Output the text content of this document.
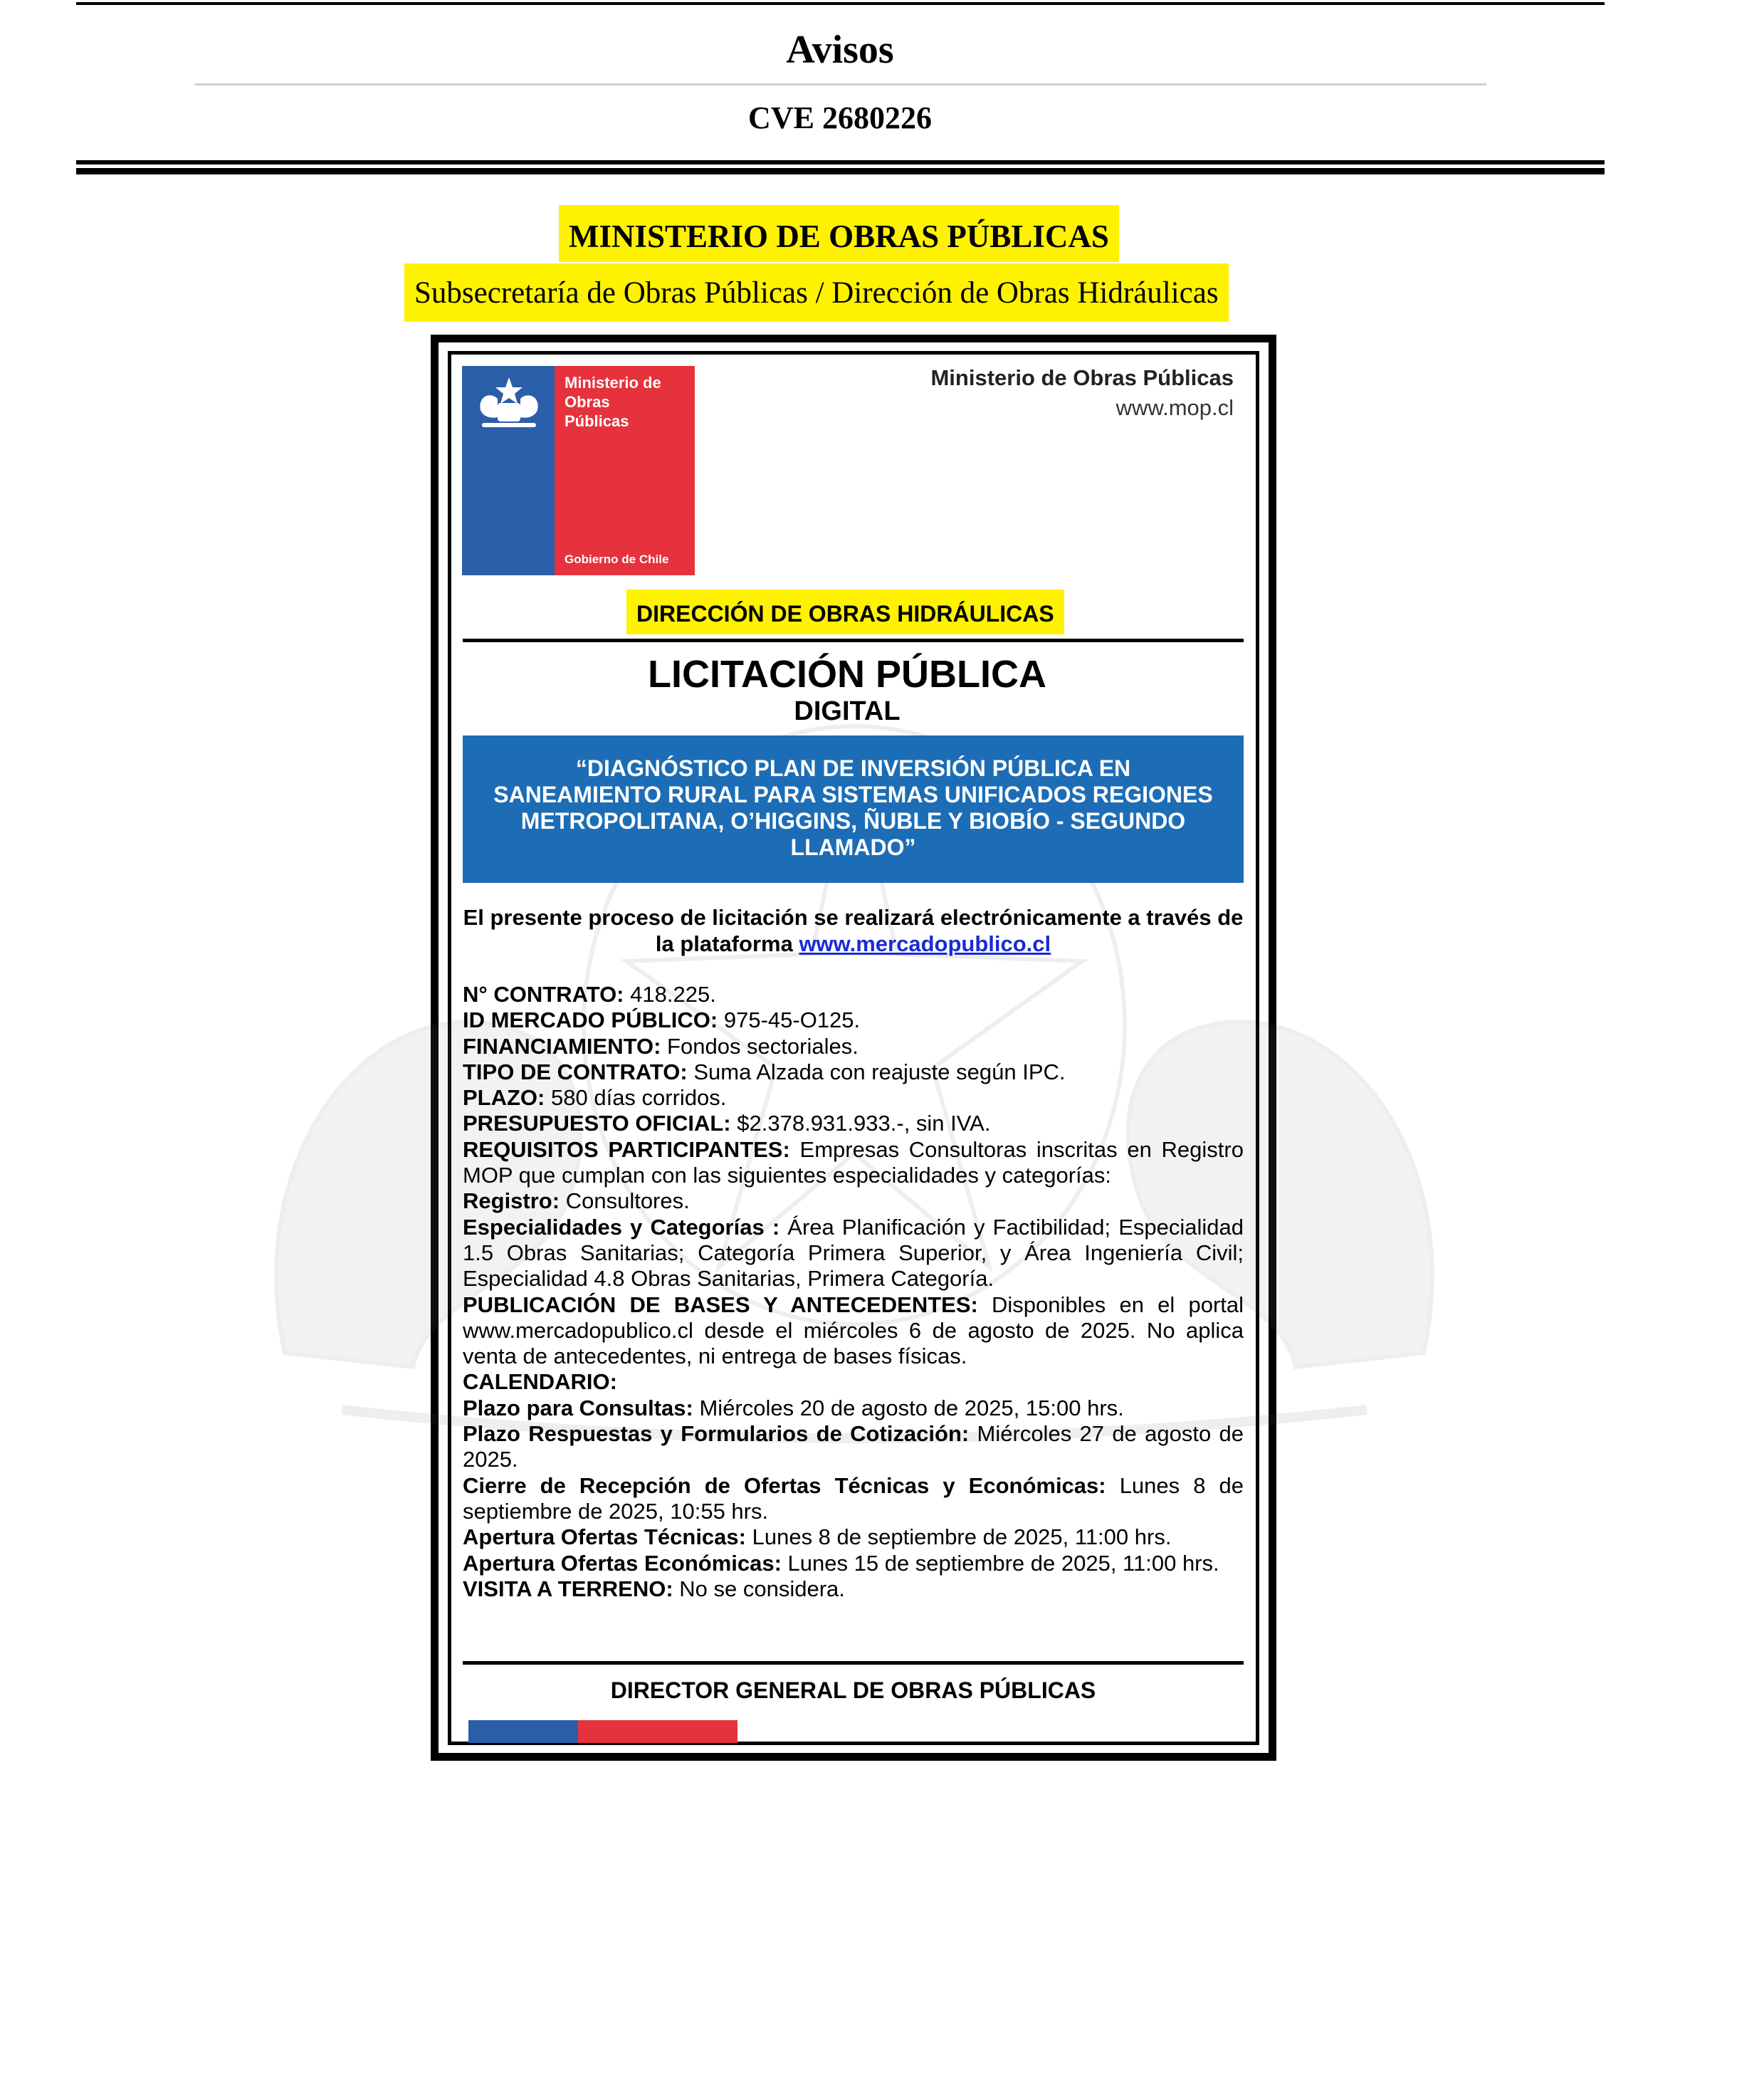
Avisos
CVE 2680226
MINISTERIO DE OBRAS PÚBLICAS
Subsecretaría de Obras Públicas / Dirección de Obras Hidráulicas
Ministerio de
Obras
Públicas
Gobierno de Chile
Ministerio de Obras Públicas
www.mop.cl
DIRECCIÓN DE OBRAS HIDRÁULICAS
LICITACIÓN PÚBLICA
DIGITAL
“DIAGNÓSTICO PLAN DE INVERSIÓN PÚBLICA EN SANEAMIENTO RURAL PARA SISTEMAS UNIFICADOS REGIONES METROPOLITANA, O’HIGGINS, ÑUBLE Y BIOBÍO - SEGUNDO LLAMADO”
El presente proceso de licitación se realizará electrónicamente a través de la plataforma www.mercadopublico.cl
N° CONTRATO: 418.225.
ID MERCADO PÚBLICO: 975-45-O125.
FINANCIAMIENTO: Fondos sectoriales.
TIPO DE CONTRATO: Suma Alzada con reajuste según IPC.
PLAZO: 580 días corridos.
PRESUPUESTO OFICIAL: $2.378.931.933.-, sin IVA.
REQUISITOS PARTICIPANTES: Empresas Consultoras inscritas en Registro MOP que cumplan con las siguientes especialidades y categorías:
Registro: Consultores.
Especialidades y Categorías : Área Planificación y Factibilidad; Especialidad 1.5 Obras Sanitarias; Categoría Primera Superior, y Área Ingeniería Civil; Especialidad 4.8 Obras Sanitarias, Primera Categoría.
PUBLICACIÓN DE BASES Y ANTECEDENTES: Disponibles en el portal www.mercadopublico.cl desde el miércoles 6 de agosto de 2025. No aplica venta de antecedentes, ni entrega de bases físicas.
CALENDARIO:
Plazo para Consultas: Miércoles 20 de agosto de 2025, 15:00 hrs.
Plazo Respuestas y Formularios de Cotización: Miércoles 27 de agosto de 2025.
Cierre de Recepción de Ofertas Técnicas y Económicas: Lunes 8 de septiembre de 2025, 10:55 hrs.
Apertura Ofertas Técnicas: Lunes 8 de septiembre de 2025, 11:00 hrs.
Apertura Ofertas Económicas: Lunes 15 de septiembre de 2025, 11:00 hrs.
VISITA A TERRENO: No se considera.
DIRECTOR GENERAL DE OBRAS PÚBLICAS
